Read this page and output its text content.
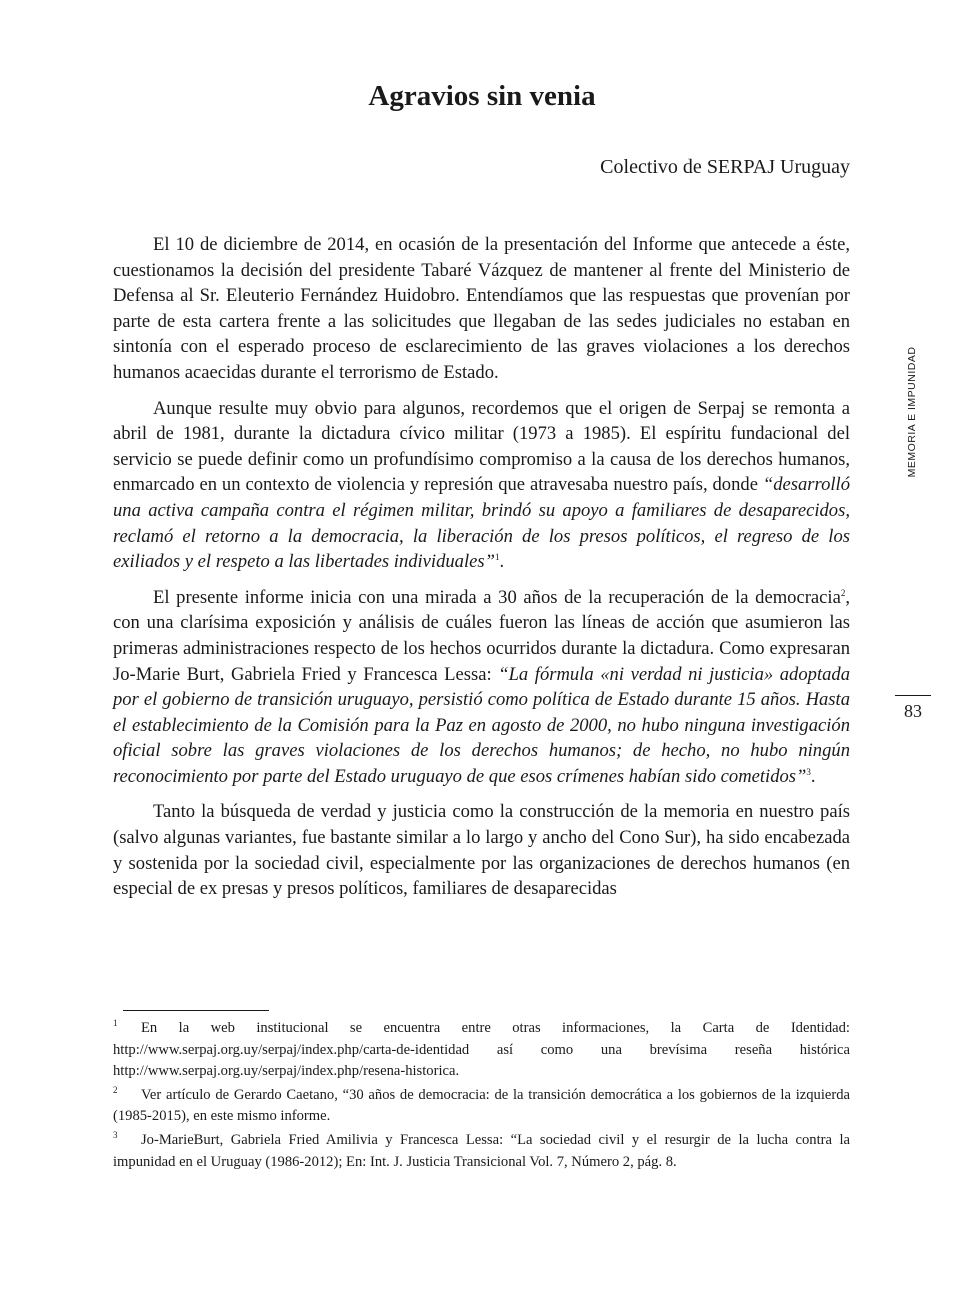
Agravios sin venia

Colectivo de SERPAJ Uruguay

El 10 de diciembre de 2014, en ocasión de la presentación del Informe que antecede a éste, cuestionamos la decisión del presidente Tabaré Vázquez de mantener al frente del Ministerio de Defensa al Sr. Eleuterio Fernández Huidobro. Entendíamos que las respuestas que provenían por parte de esta cartera frente a las solicitudes que llegaban de las sedes judiciales no estaban en sintonía con el esperado proceso de esclarecimiento de las graves violaciones a los derechos humanos acaecidas durante el terrorismo de Estado.

Aunque resulte muy obvio para algunos, recordemos que el origen de Serpaj se remonta a abril de 1981, durante la dictadura cívico militar (1973 a 1985). El espíritu fundacional del servicio se puede definir como un profundísimo compromiso a la causa de los derechos humanos, enmarcado en un contexto de violencia y represión que atravesaba nuestro país, donde “desarrolló una activa campaña contra el régimen militar, brindó su apoyo a familiares de desaparecidos, reclamó el retorno a la democracia, la liberación de los presos políticos, el regreso de los exiliados y el respeto a las libertades individuales”$^1$.

El presente informe inicia con una mirada a 30 años de la recuperación de la democracia$^2$, con una clarísima exposición y análisis de cuáles fueron las líneas de acción que asumieron las primeras administraciones respecto de los hechos ocurridos durante la dictadura. Como expresaran Jo-Marie Burt, Gabriela Fried y Francesca Lessa: “La fórmula «ni verdad ni justicia» adoptada por el gobierno de transición uruguayo, persistió como política de Estado durante 15 años. Hasta el establecimiento de la Comisión para la Paz en agosto de 2000, no hubo ninguna investigación oficial sobre las graves violaciones de los derechos humanos; de hecho, no hubo ningún reconocimiento por parte del Estado uruguayo de que esos crímenes habían sido cometidos”$^3$.

Tanto la búsqueda de verdad y justicia como la construcción de la memoria en nuestro país (salvo algunas variantes, fue bastante similar a lo largo y ancho del Cono Sur), ha sido encabezada y sostenida por la sociedad civil, especialmente por las organizaciones de derechos humanos (en especial de ex presas y presos políticos, familiares de desaparecidas

MEMORIA E IMPUNIDAD
83

1 En la web institucional se encuentra entre otras informaciones, la Carta de Identidad: http://www.serpaj.org.uy/serpaj/index.php/carta-de-identidad así como una brevísima reseña histórica http://www.serpaj.org.uy/serpaj/index.php/resena-historica.

2 Ver artículo de Gerardo Caetano, “30 años de democracia: de la transición democrática a los gobiernos de la izquierda (1985-2015), en este mismo informe.

3 Jo-MarieBurt, Gabriela Fried Amilivia y Francesca Lessa: “La sociedad civil y el resurgir de la lucha contra la impunidad en el Uruguay (1986-2012); En: Int. J. Justicia Transicional Vol. 7, Número 2, pág. 8.
